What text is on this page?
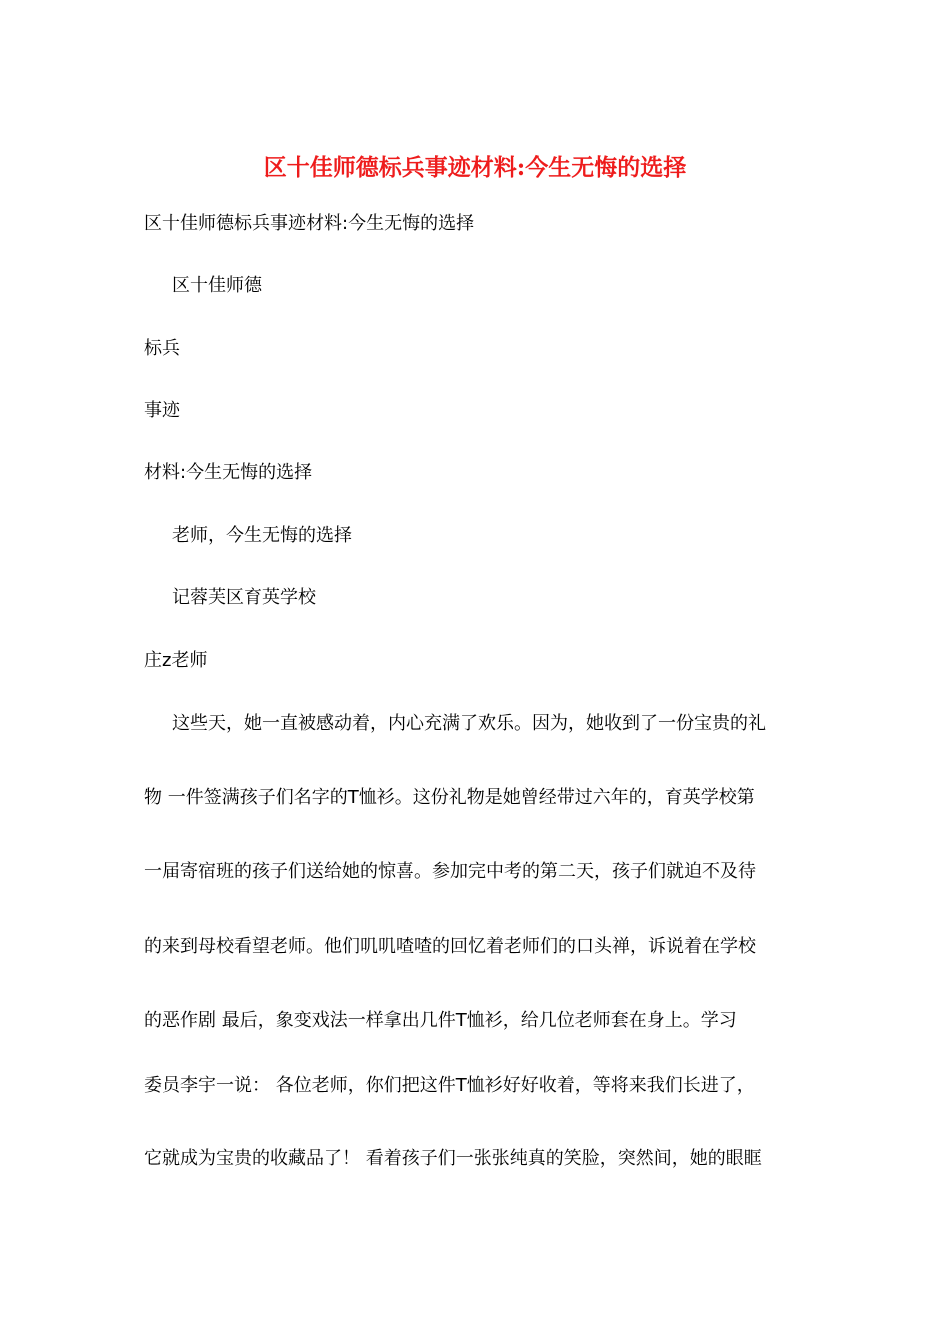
区十佳师德标兵事迹材料:今生无悔的选择
区十佳师德标兵事迹材料:今生无悔的选择
区十佳师德
标兵
事迹
材料:今生无悔的选择
老师，今生无悔的选择
记蓉芙区育英学校
庄z老师
这些天，她一直被感动着，内心充满了欢乐。因为，她收到了一份宝贵的礼
物 一件签满孩子们名字的T恤衫。这份礼物是她曾经带过六年的，育英学校第
一届寄宿班的孩子们送给她的惊喜。参加完中考的第二天，孩子们就迫不及待
的来到母校看望老师。他们叽叽喳喳的回忆着老师们的口头禅，诉说着在学校
的恶作剧 最后，象变戏法一样拿出几件T恤衫，给几位老师套在身上。学习
委员李宇一说： 各位老师，你们把这件T恤衫好好收着，等将来我们长进了，
它就成为宝贵的收藏品了！ 看着孩子们一张张纯真的笑脸，突然间，她的眼眶
